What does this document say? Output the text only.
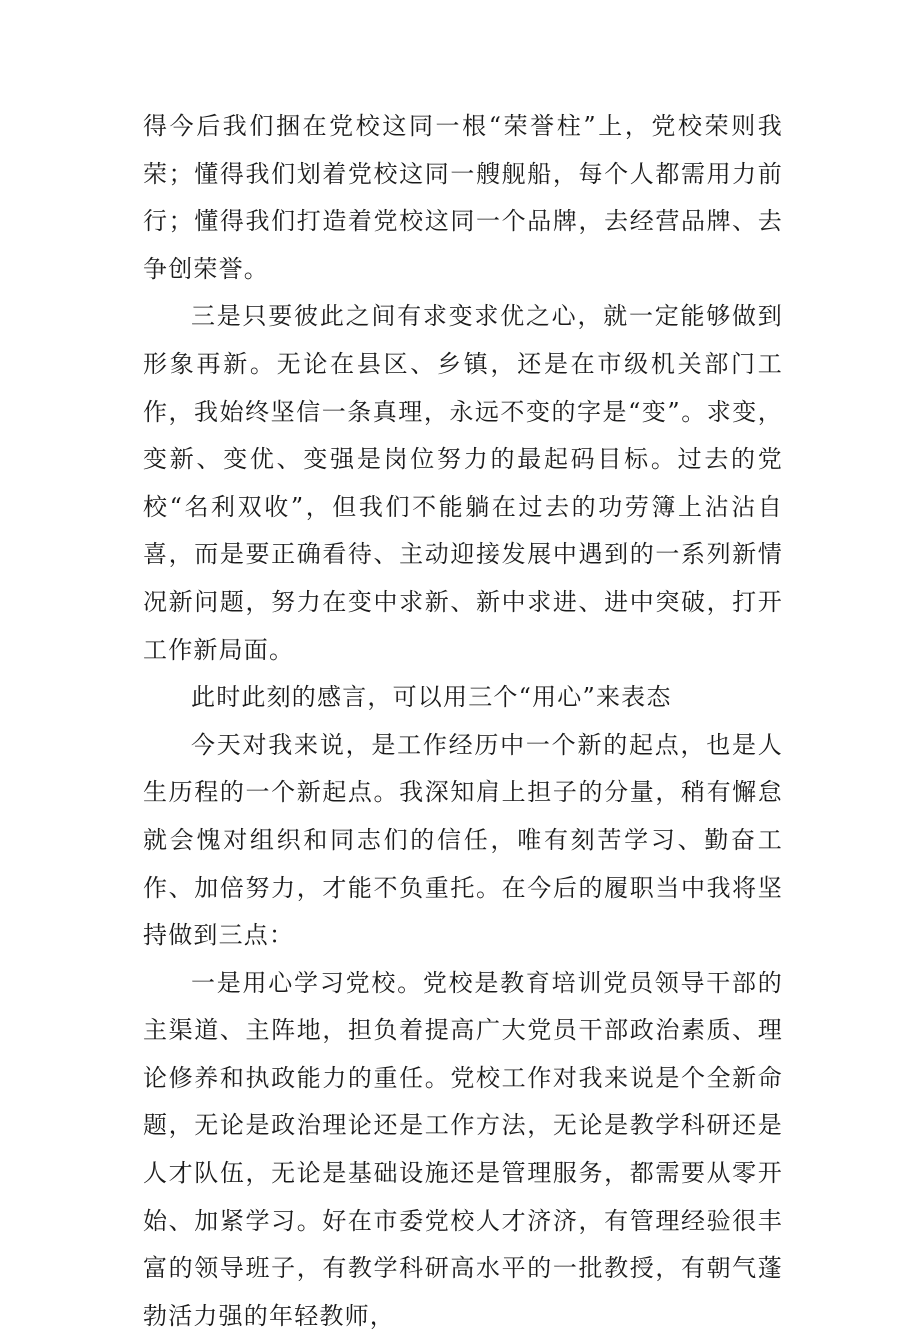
得今后我们捆在党校这同一根“荣誉柱”上，党校荣则我荣；懂得我们划着党校这同一艘舰船，每个人都需用力前行；懂得我们打造着党校这同一个品牌，去经营品牌、去争创荣誉。

三是只要彼此之间有求变求优之心，就一定能够做到形象再新。无论在县区、乡镇，还是在市级机关部门工作，我始终坚信一条真理，永远不变的字是“变”。求变，变新、变优、变强是岗位努力的最起码目标。过去的党校“名利双收”，但我们不能躺在过去的功劳簿上沾沾自喜，而是要正确看待、主动迎接发展中遇到的一系列新情况新问题，努力在变中求新、新中求进、进中突破，打开工作新局面。

此时此刻的感言，可以用三个“用心”来表态

今天对我来说，是工作经历中一个新的起点，也是人生历程的一个新起点。我深知肩上担子的分量，稍有懈怠就会愧对组织和同志们的信任，唯有刻苦学习、勤奋工作、加倍努力，才能不负重托。在今后的履职当中我将坚持做到三点：

一是用心学习党校。党校是教育培训党员领导干部的主渠道、主阵地，担负着提高广大党员干部政治素质、理论修养和执政能力的重任。党校工作对我来说是个全新命题，无论是政治理论还是工作方法，无论是教学科研还是人才队伍，无论是基础设施还是管理服务，都需要从零开始、加紧学习。好在市委党校人才济济，有管理经验很丰富的领导班子，有教学科研高水平的一批教授，有朝气蓬勃活力强的年轻教师，
